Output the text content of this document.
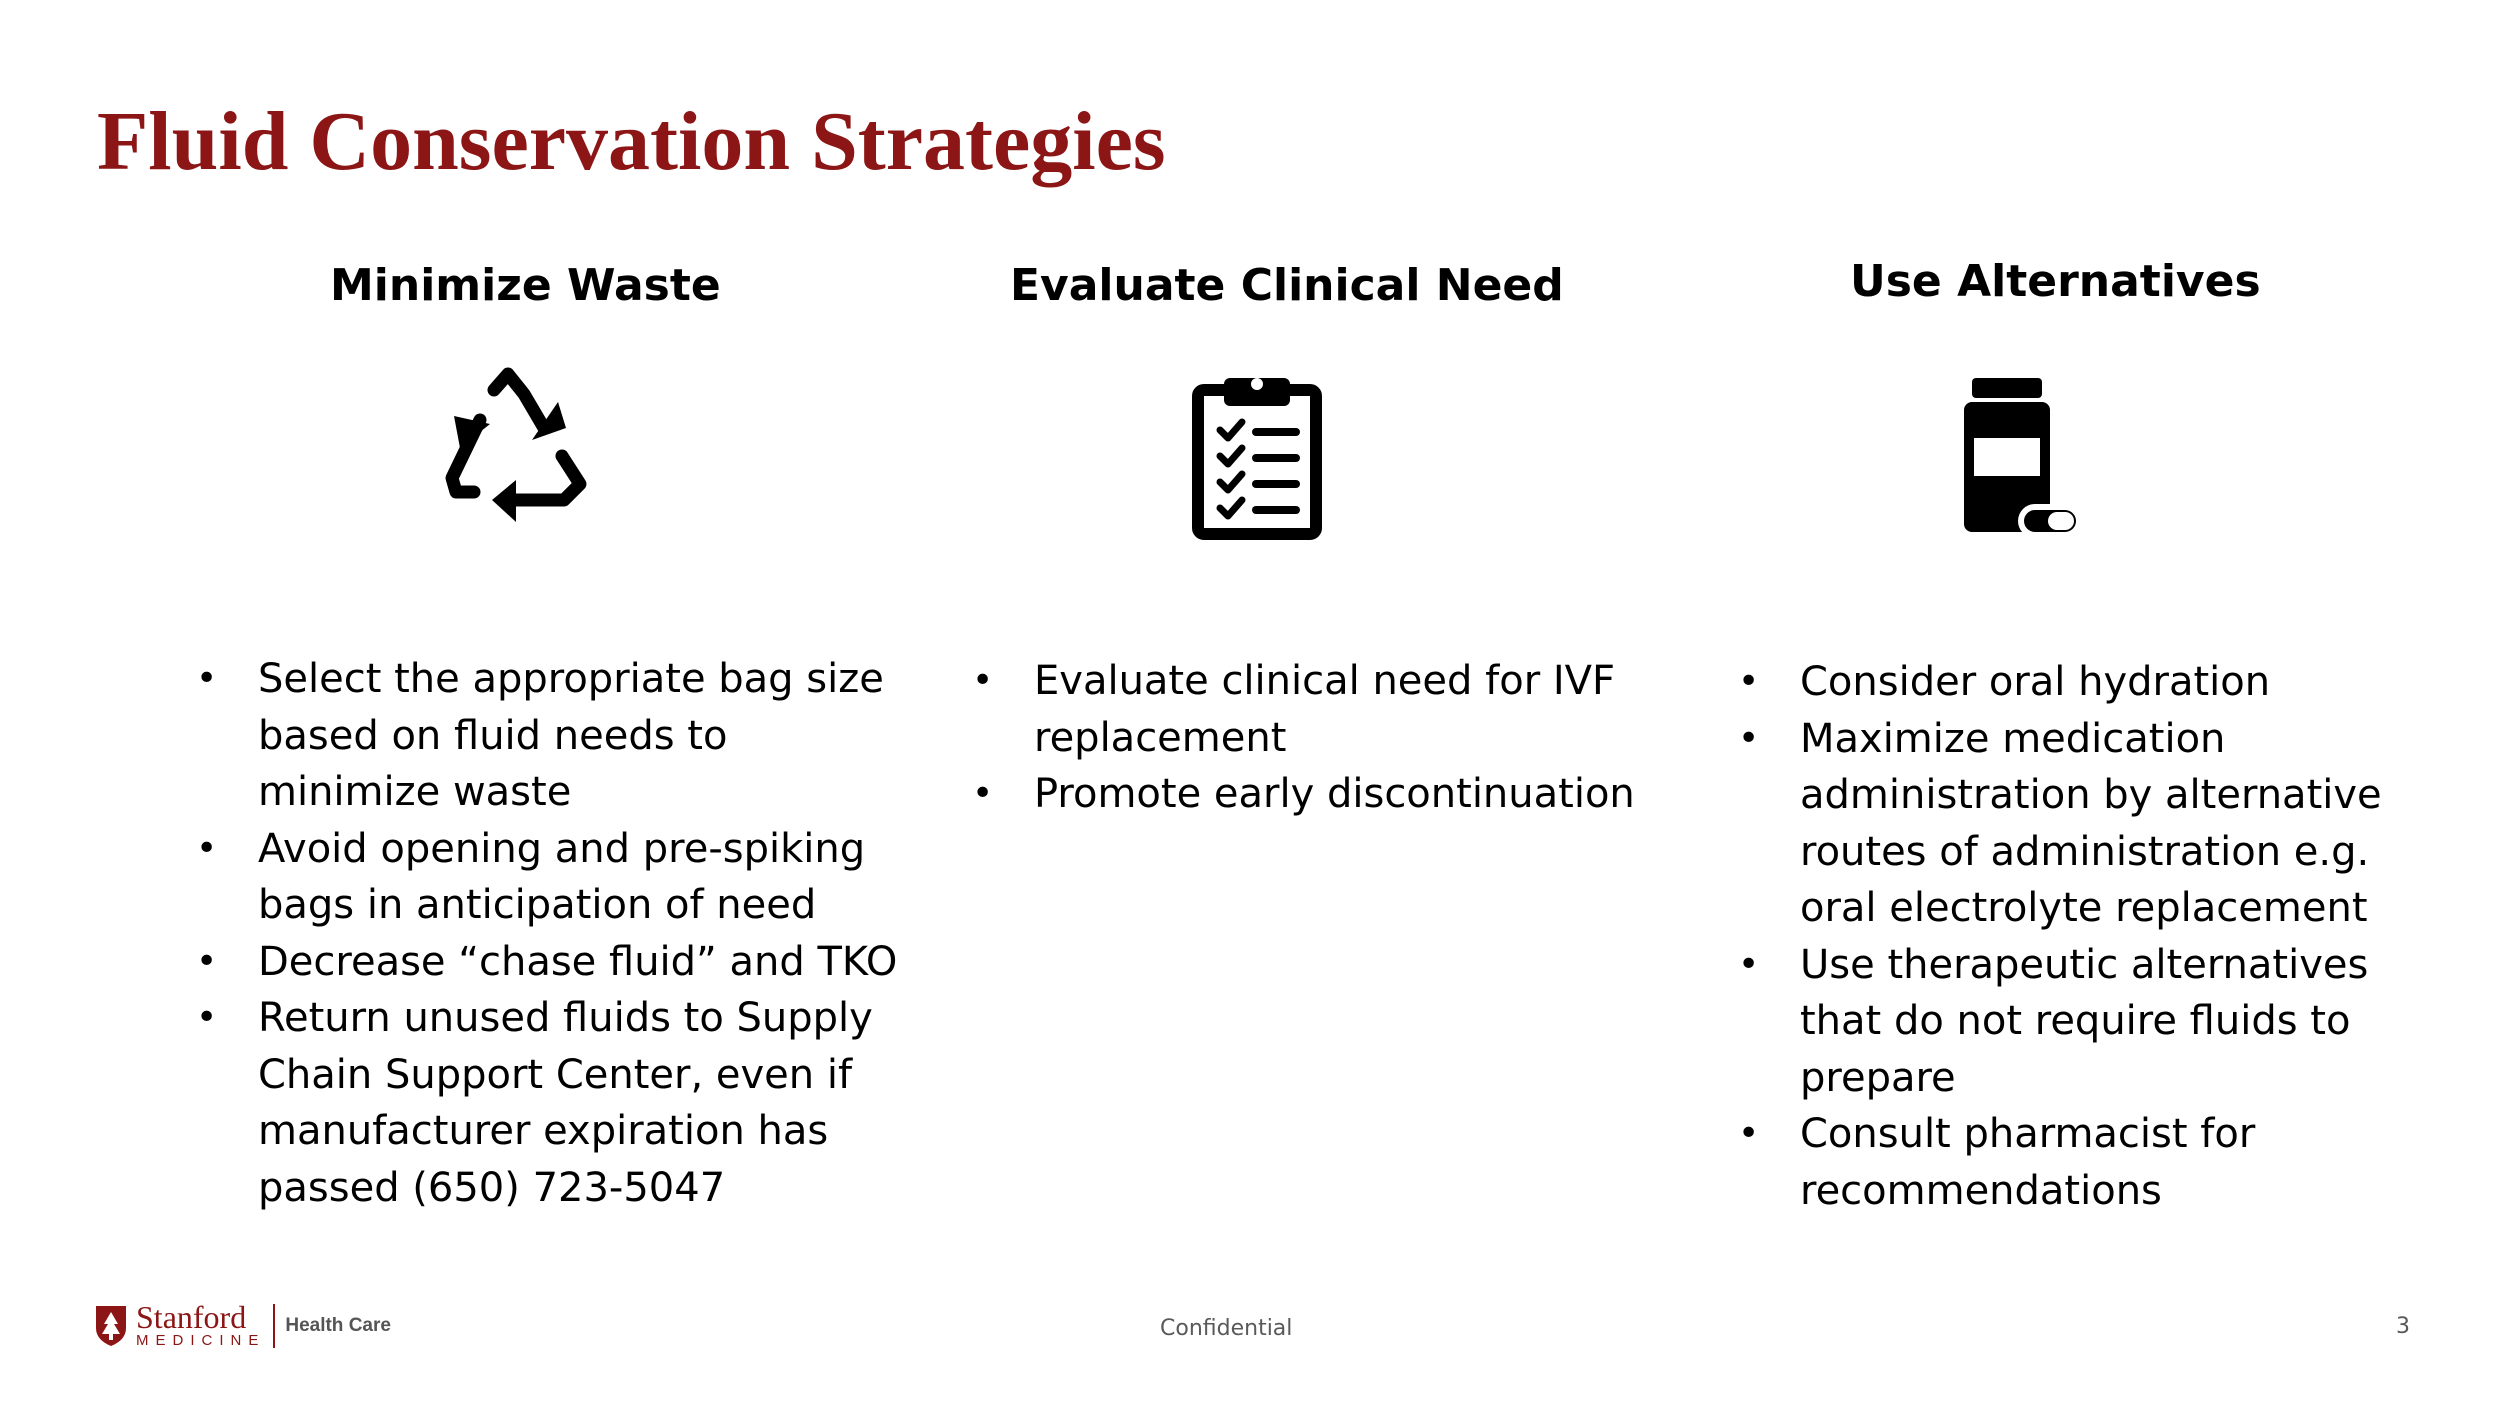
Fluid Conservation Strategies
Minimize Waste
• Select the appropriate bag size based on fluid needs to minimize waste
• Avoid opening and pre-spiking bags in anticipation of need
• Decrease “chase fluid” and TKO
• Return unused fluids to Supply Chain Support Center, even if manufacturer expiration has passed (650) 723-5047
Evaluate Clinical Need
• Evaluate clinical need for IVF replacement
• Promote early discontinuation
Use Alternatives
• Consider oral hydration
• Maximize medication administration by alternative routes of administration e.g. oral electrolyte replacement
• Use therapeutic alternatives that do not require fluids to prepare
• Consult pharmacist for recommendations
Stanford
MEDICINE
Health Care	Confidential	3
